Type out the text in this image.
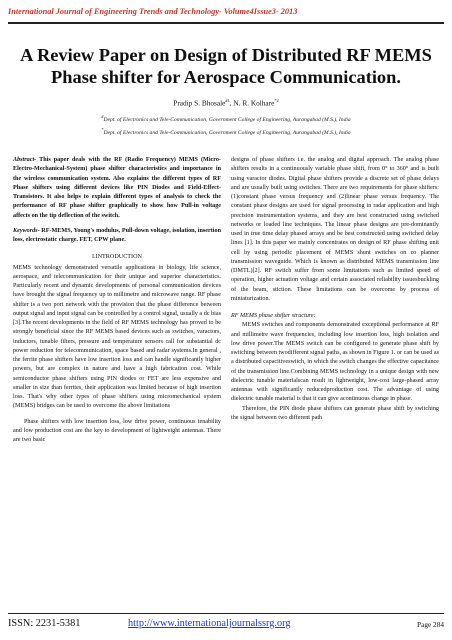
International Journal of Engineering Trends and Technology- Volume4Issue3- 2013
A Review Paper on Design of Distributed RF MEMS Phase shifter for Aerospace Communication.
Pradip S. Bhosale$^{\#1}$, N. R. Kolhare$^{*2}$
#Dept. of Electronics and Tele-Communication, Government College of Engineering, Aurangabad (M.S.), India
*Dept. of Electronics and Tele-Communication, Government College of Engineering, Aurangabad (M.S.), India

Abstract- This paper deals with the RF (Radio Frequency) MEMS (Micro-Electro-Mechanical-System) phase shifter characteristics and importance in the wireless communication system. Also explains the different types of RF Phase shifters using different devices like PIN Diodes and Field-Effect-Transistors. It also helps to explain different types of analysis to check the performance of RF phase shifter graphically to show how Pull-in voltage affects on the tip deflection of the switch.

Keywords- RF-MEMS, Young's modulus, Pull-down voltage, isolation, insertion loss, electrostatic charge. FET, CPW plane.

I.INTRODUCTION

MEMS technology demonstrated versatile applications in biology, life science, aerospace, and telecommunication for their unique and superior characteristics. Particularly recent and dynamic developments of personal communication devices have brought the signal frequency up to millimetre and microwave range. RF phase shifter is a two port network with the provision that the phase difference between output signal and input signal can be controlled by a control signal, usually a dc bias [3].The recent developments in the field of RF MEMS technology has proved to be strongly beneficial since the RF MEMS based devices such as switches, varactors, inductors, tunable filters, pressure and temperature sensors call for substantial dc power reduction for telecommunication, space based and radar systems.In general , the ferrite phase shifters have low insertion loss and can handle significantly higher powers, but are complex in nature and have a high fabrication cost. While semiconductor phase shifters using PIN diodes or FET are less expensive and smaller in size than ferrites, their application was limited because of high insertion loss. That's why other types of phase shifters using micromechanical system (MEMS) bridges can be used to overcome the above limitations

Phase shifters with low insertion loss, low drive power, continuous tenability and low production cost are the key to development of lightweight antennas. There are two basic

designs of phase shifters i.e. the analog and digital approach. The analog phase shifters results in a continuously variable phase shift, from 0° to 360° and is built using varactor diodes. Digital phase shifters provide a discrete set of phase delays and are usually built using switches. There are two requirements for phase shifters: (1)constant phase versus frequency and (2)linear phase versus frequency. The constant phase designs are used for signal processing in radar application and high precision instrumentation systems, and they are best constructed using switched networks or loaded line techniques. The linear phase designs are pre-dominantly used in true time delay phased arrays and be best constructed using switched delay lines [1]. In this paper we mainly concentrates on design of RF phase shifting unit cell by using periodic placement of MEMS shunt switches on co planner transmission waveguide. Which is known as distributed MEMS transmission line (DMTL)[2]. RF switch suffer from some limitations such as limited speed of operation, higher actuation voltage and certain associated reliability issuesbuckling of the beam, stiction. These limitations can be overcome by process of miniaturization.

RF MEMS phase shifter structure:

MEMS switches and components demonstrated exceptional performance at RF and millimetre wave frequencies, including low insertion loss, high isolation and low drive power.The MEMS switch can be configured to generate phase shift by switching between twodifferent signal paths, as shown in Figure 1. or can be used as a distributed capacitiveswitch, in which the switch changes the effective capacitance of the transmission line.Combining MEMS technology in a unique design with new dielectric tunable materialscan result in lightweight, low-cost large-phased array antennas with significantly reducedproduction cost. The advantage of using dielectric tunable material is that it can give acontinuous change in phase.

Therefore, the PIN diode phase shifters can generate phase shift by switching the signal between two different path

ISSN: 2231-5381	http://www.internationaljournalssrg.org	Page 284
